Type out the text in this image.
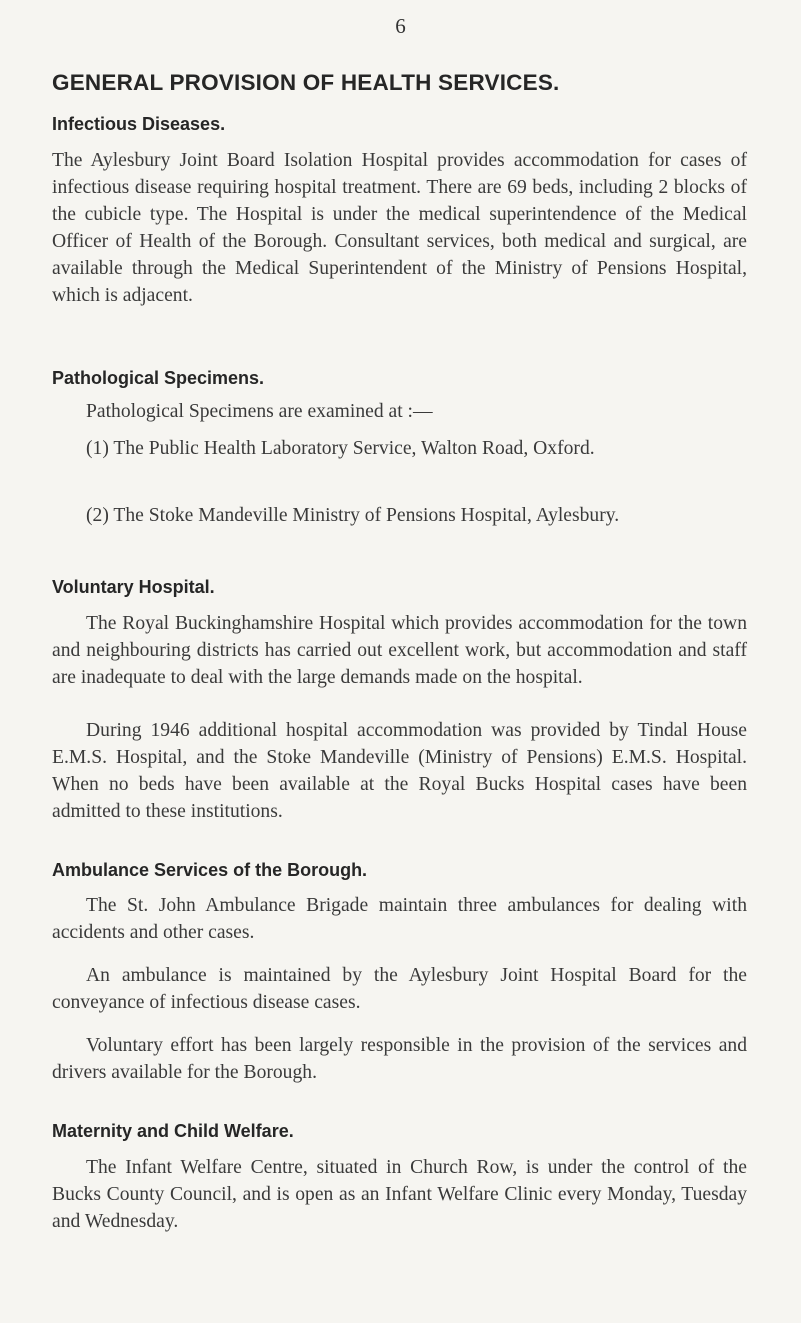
6
GENERAL PROVISION OF HEALTH SERVICES.
Infectious Diseases.
The Aylesbury Joint Board Isolation Hospital provides accommodation for cases of infectious disease requiring hospital treatment. There are 69 beds, including 2 blocks of the cubicle type. The Hospital is under the medical superintendence of the Medical Officer of Health of the Borough. Consultant services, both medical and surgical, are available through the Medical Superintendent of the Ministry of Pensions Hospital, which is adjacent.
Pathological Specimens.
Pathological Specimens are examined at :—
(1) The Public Health Laboratory Service, Walton Road, Oxford.
(2) The Stoke Mandeville Ministry of Pensions Hospital, Aylesbury.
Voluntary Hospital.
The Royal Buckinghamshire Hospital which provides accommodation for the town and neighbouring districts has carried out excellent work, but accommodation and staff are inadequate to deal with the large demands made on the hospital.
During 1946 additional hospital accommodation was provided by Tindal House E.M.S. Hospital, and the Stoke Mandeville (Ministry of Pensions) E.M.S. Hospital. When no beds have been available at the Royal Bucks Hospital cases have been admitted to these institutions.
Ambulance Services of the Borough.
The St. John Ambulance Brigade maintain three ambulances for dealing with accidents and other cases.
An ambulance is maintained by the Aylesbury Joint Hospital Board for the conveyance of infectious disease cases.
Voluntary effort has been largely responsible in the provision of the services and drivers available for the Borough.
Maternity and Child Welfare.
The Infant Welfare Centre, situated in Church Row, is under the control of the Bucks County Council, and is open as an Infant Welfare Clinic every Monday, Tuesday and Wednesday.
